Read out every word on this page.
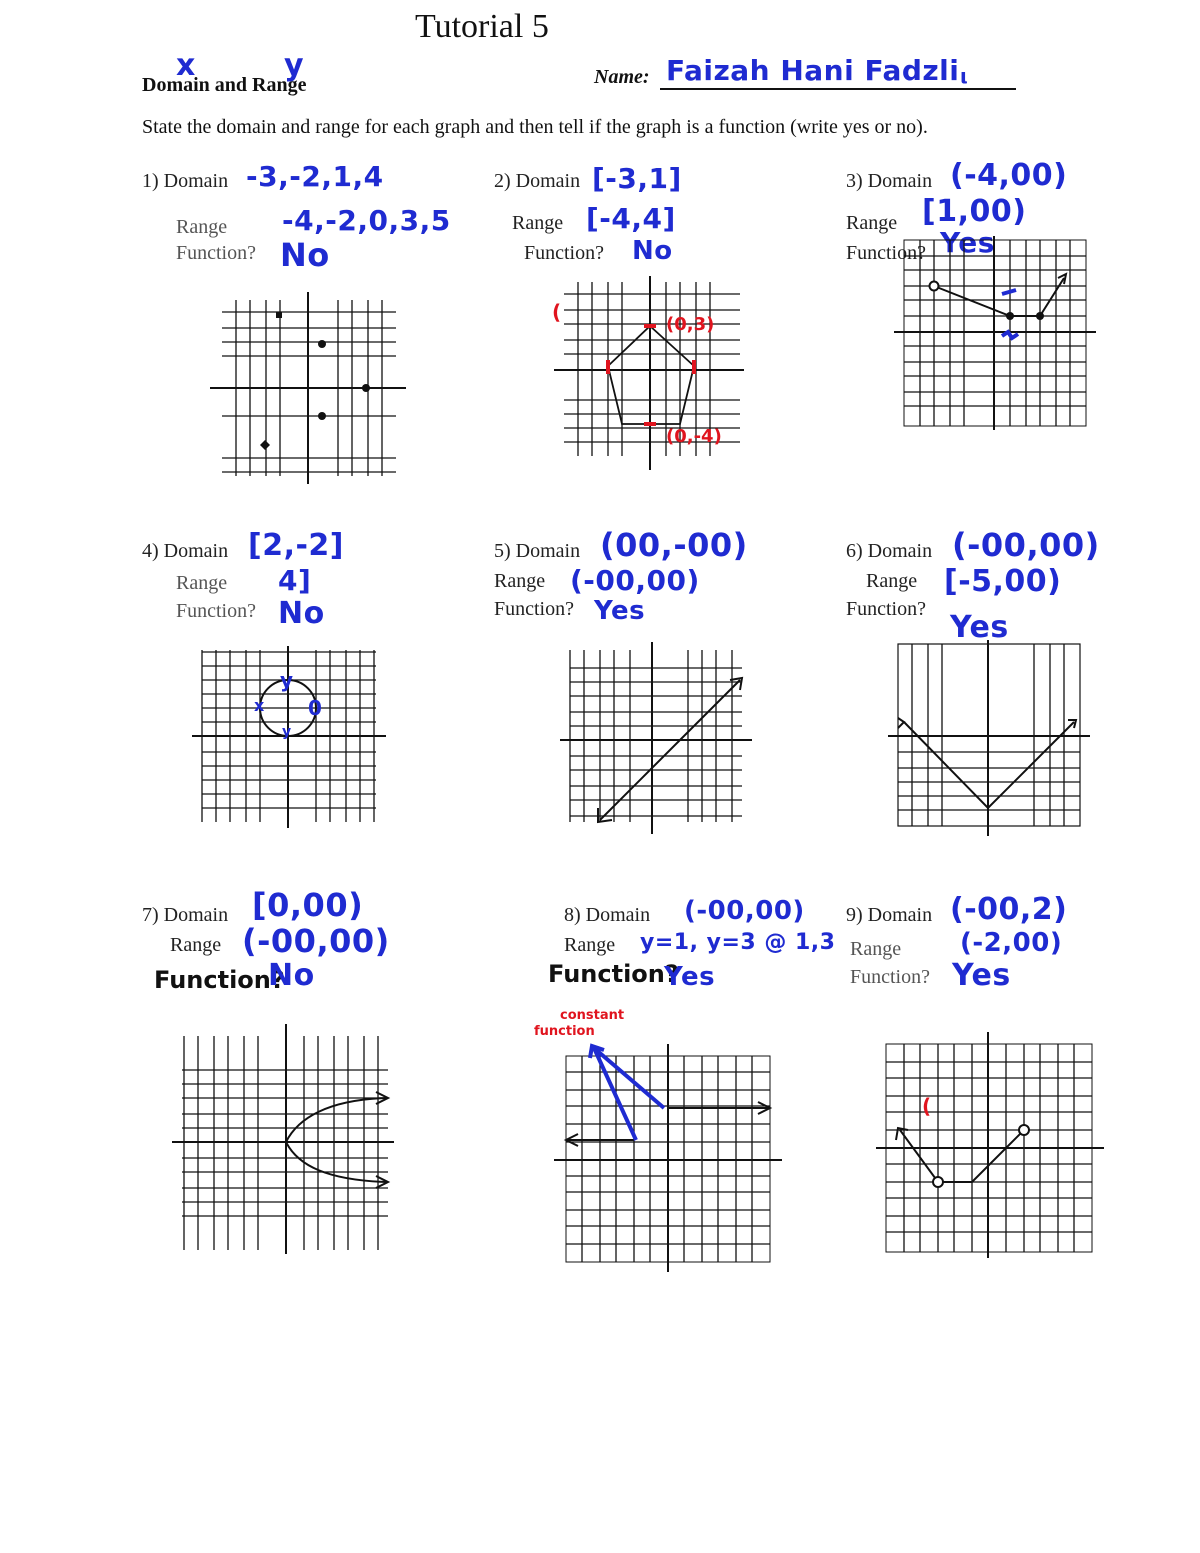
Tutorial 5
x	y
Domain and Range	Name: Faizah Hani Fadzli ι
State the domain and range for each graph and then tell if the graph is a function (write yes or no).
1) Domain -3,-2,1,4
Range -4,-2,0,3,5
Function? No
2) Domain [-3,1]
Range [-4,4]
Function? No
3) Domain (-4,00)
Range [1,00)
Function? Yes
4) Domain [2,-2]
Range 4]
Function? No
5) Domain (00,-00)
Range (-00,00)
Function? Yes
6) Domain (-00,00)
Range [-5,00)
Function?
Yes
7) Domain [0,00)
Range (-00,00)
Function?
No
8) Domain (-00,00)
Range y=1, y=3 @ 1,3
Function?
Yes
9) Domain (-00,2)
Range (-2,00)
Function? Yes
(0,3)
(0,-4)
(
y
x 0
y
constant
function
(
